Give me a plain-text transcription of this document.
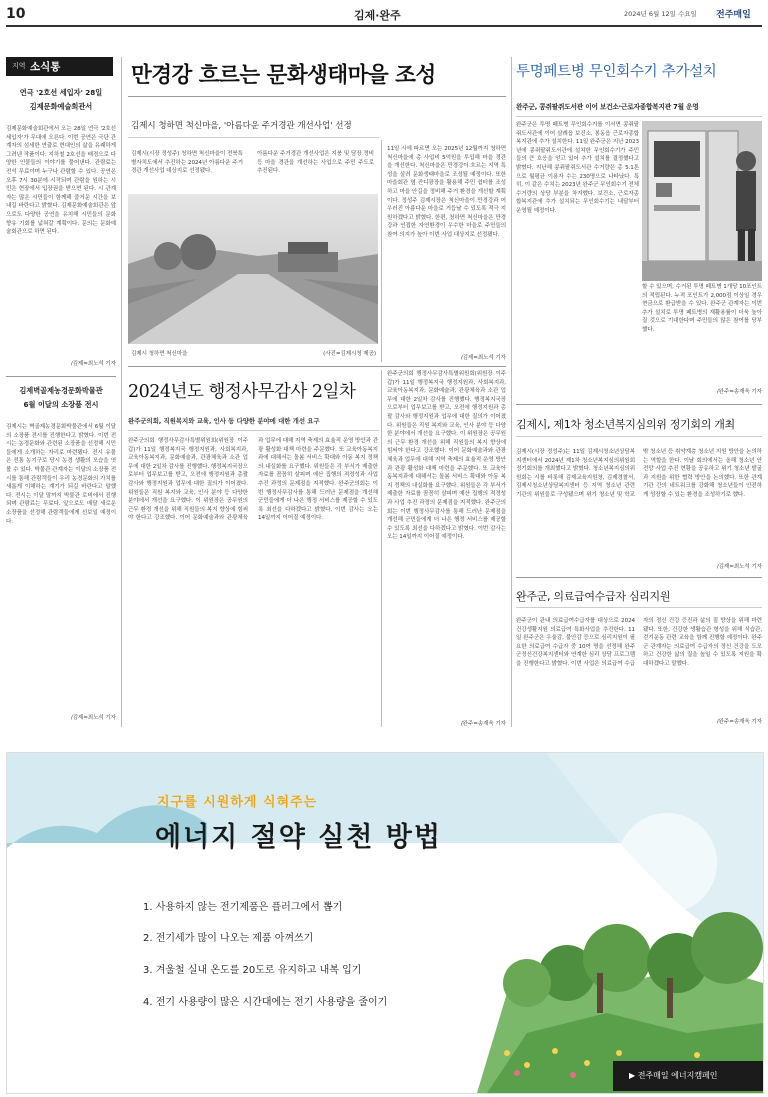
10	김제·완주	2024년 6월 12일 수요일 전주매일
지역 소식통
연극 '2호선 세입자' 28일
김제문화예술회관서
김제문화예술회관에서 오는 28일 연극 '2호선 세입자'가 무대에 오른다. 이번 공연은 극단 관계자의 섬세한 연출로 현대인의 삶을 유쾌하게 그려낸 작품이다. 지하철 2호선을 배경으로 다양한 인물들의 이야기를 풀어낸다. 관람료는 전석 무료이며 누구나 관람할 수 있다. 공연은 오후 7시 30분에 시작되며 관람을 원하는 시민은 현장에서 입장권을 받으면 된다. 시 관계자는 많은 시민들이 함께해 즐거운 시간을 보내길 바란다고 밝혔다. 김제문화예술회관은 앞으로도 다양한 공연을 유치해 시민들의 문화 향유 기회를 넓혀갈 계획이다. 문의는 문화예술회관으로 하면 된다.
/김제=최노석 기자
김제벽골제농경문화박물관
6월 이달의 소장품 전시
김제시는 벽골제농경문화박물관에서 6월 이달의 소장품 전시를 진행한다고 밝혔다. 이번 전시는 농경문화와 관련된 소장품을 선정해 시민들에게 소개하는 자리로 마련됐다. 전시 유물은 전통 농기구로 당시 농경 생활의 모습을 엿볼 수 있다. 박물관 관계자는 이달의 소장품 전시를 통해 관람객들이 우리 농경문화의 가치를 새롭게 이해하는 계기가 되길 바란다고 말했다. 전시는 이달 말까지 박물관 로비에서 진행되며 관람료는 무료다. 앞으로도 매달 새로운 소장품을 선정해 관람객들에게 선보일 예정이다.
/김제=최노석 기자
만경강 흐르는 문화생태마을 조성
김제시 청하면 척신마을, '아름다운 주거경관 개선사업' 선정
김제시(시장 정성주) 청하면 척신마을이 전북특별자치도에서 추진하는 2024년 아름다운 주거경관 개선사업 대상지로 선정됐다.
아름다운 주거경관 개선사업은 지붕 및 담장 정비 등 마을 경관을 개선하는 사업으로 주민 주도로 추진된다.
김제시 청하면 척신마을	(사진=김제시청 제공)
11일 시에 따르면 오는 2025년 12월까지 청하면 척신마을에 총 사업비 5억원을 투입해 마을 경관을 개선한다. 척신마을은 만경강이 흐르는 지역 특성을 살려 문화생태마을로 조성될 예정이다. 또한 마을회관 옆 잔디광장을 활용해 주민 쉼터를 조성하고 마을 안길을 정비해 주거 환경을 개선할 계획이다. 정성주 김제시장은 척신마을이 만경강과 어우러진 아름다운 마을로 거듭날 수 있도록 적극 지원하겠다고 밝혔다. 한편, 청하면 척신마을은 만경강과 인접한 자연환경이 우수한 마을로 주민들의 참여 의지가 높아 이번 사업 대상지로 선정됐다.
/김제=최노석 기자
2024년도 행정사무감사 2일차
완주군의회, 직원복지와 교육, 인사 등 다양한 분야에 대한 개선 요구
완주군의회 행정사무감사특별위원회(위원장 이주갑)가 11일 행정복지국 행정지원과, 사회복지과, 교육아동복지과, 문화예술과, 관광체육과 소관 업무에 대한 2일차 감사를 진행했다. 행정복지국장으로부터 업무보고를 받고, 오전에 행정지원과 총괄 감사와 행정지원과 업무에 대한 질의가 이어졌다. 위원들은 직원 복지와 교육, 인사 분야 등 다양한 분야에서 개선을 요구했다. 이 위원장은 공무원의 근무 환경 개선을 위해 직원들의 복지 향상에 힘써야 한다고 강조했다. 이어 문화예술과와 관광체육과 업무에 대해 지역 축제의 효율적 운영 방안과 관광 활성화 대책 마련을 주문했다. 또 교육아동복지과에 대해서는 돌봄 서비스 확대와 아동 복지 정책의 내실화를 요구했다. 위원들은 각 부서가 제출한 자료를 꼼꼼히 살피며 예산 집행의 적정성과 사업 추진 과정의 문제점을 지적했다. 완주군의회는 이번 행정사무감사를 통해 드러난 문제점을 개선해 군민들에게 더 나은 행정 서비스를 제공할 수 있도록 최선을 다하겠다고 밝혔다. 이번 감사는 오는 14일까지 이어질 예정이다.
/완주=송재욱 기자
완주군의회 행정사무감사특별위원회(위원장 이주갑)가 11일 행정복지국 행정지원과, 사회복지과, 교육아동복지과, 문화예술과, 관광체육과 소관 업무에 대한 2일차 감사를 진행했다. 행정복지국장으로부터 업무보고를 받고, 오전에 행정지원과 총괄 감사와 행정지원과 업무에 대한 질의가 이어졌다. 위원들은 직원 복지와 교육, 인사 분야 등 다양한 분야에서 개선을 요구했다. 이 위원장은 공무원의 근무 환경 개선을 위해 직원들의 복지 향상에 힘써야 한다고 강조했다. 이어 문화예술과와 관광체육과 업무에 대해 지역 축제의 효율적 운영 방안과 관광 활성화 대책 마련을 주문했다. 또 교육아동복지과에 대해서는 돌봄 서비스 확대와 아동 복지 정책의 내실화를 요구했다. 위원들은 각 부서가 제출한 자료를 꼼꼼히 살피며 예산 집행의 적정성과 사업 추진 과정의 문제점을 지적했다. 완주군의회는 이번 행정사무감사를 통해 드러난 문제점을 개선해 군민들에게 더 나은 행정 서비스를 제공할 수 있도록 최선을 다하겠다고 밝혔다. 이번 감사는 오는 14일까지 이어질 예정이다.
투명페트병 무인회수기 추가설치
완주군, 콩쥐팥쥐도서관 이어 보건소·근로자종합복지관 7월 운영
완주군은 투명 페트병 무인회수기를 이서면 콩쥐팥쥐도서관에 이어 삼례읍 보건소, 봉동읍 근로자종합복지관에 추가 설치한다. 11일 완주군은 지난 2023년에 콩쥐팥쥐도서관에 설치한 무인회수기가 주민들의 큰 호응을 얻고 있어 추가 설치를 결정했다고 밝혔다. 지난해 콩쥐팥쥐도서관 수거량은 총 5.1톤으로 월평균 이용자 수는 230명으로 나타났다. 특히, 이 같은 수치는 2023년 완주군 무인회수기 전체 수거량의 상당 부분을 차지했다. 보건소, 근로자종합복지관에 추가 설치되는 무인회수기는 내달부터 운영될 예정이다.
할 수 있으며, 수거된 투명 페트병 1개당 10포인트의 적립된다. 누적 포인트가 2,000점 이상일 경우 현금으로 환급받을 수 있다. 완주군 관계자는 이번 추가 설치로 투명 페트병의 재활용률이 더욱 높아질 것으로 기대한다며 주민들의 많은 참여를 당부했다.
/완주=송재욱 기자
김제시, 제1차 청소년복지심의위 정기회의 개최
김제시(시장 정성주)는 11일 김제시청소년상담복지센터에서 2024년 제1차 청소년복지심의위원회 정기회의를 개최했다고 밝혔다. 청소년복지심의위원회는 시를 비롯해 김제교육지원청, 김제경찰서, 김제시청소년상담복지센터 등 지역 청소년 관련 기관의 위원들로 구성됐으며 위기 청소년 및 학교 밖 청소년 등 취약계층 청소년 지원 방안을 논의하는 역할을 한다. 이날 회의에서는 올해 청소년 안전망 사업 추진 현황을 공유하고 위기 청소년 발굴과 지원을 위한 협력 방안을 논의했다. 또한 관계 기관 간의 네트워크를 강화해 청소년들이 안전하게 성장할 수 있는 환경을 조성하기로 했다.
/김제=최노석 기자
완주군, 의료급여수급자 심리지원
완주군이 관내 의료급여수급자를 대상으로 2024 건강생활지원 의료급여 특화사업을 추진한다. 11일 완주군은 우울감, 불안감 등으로 심리지원이 필요한 의료급여 수급자 중 10여 명을 선정해 완주군정신건강복지센터와 연계한 심리 상담 프로그램을 진행한다고 밝혔다. 이번 사업은 의료급여 수급자의 정신 건강 증진과 삶의 질 향상을 위해 마련됐다. 또한, 건강한 생활습관 형성을 위해 식습관, 걷기운동 관련 교육을 함께 진행할 예정이다. 완주군 관계자는 의료급여 수급자의 정신 건강을 도모하고 건강한 삶의 질을 높일 수 있도록 지원을 확대하겠다고 말했다.
/완주=송재욱 기자
지구를 시원하게 식혀주는
에너지 절약 실천 방법
1. 사용하지 않는 전기제품은 플러그에서 뽑기
2. 전기세가 많이 나오는 제품 아껴쓰기
3. 겨울철 실내 온도를 20도로 유지하고 내복 입기
4. 전기 사용량이 많은 시간대에는 전기 사용량을 줄이기
▶ 전주매일 에너지캠페인
